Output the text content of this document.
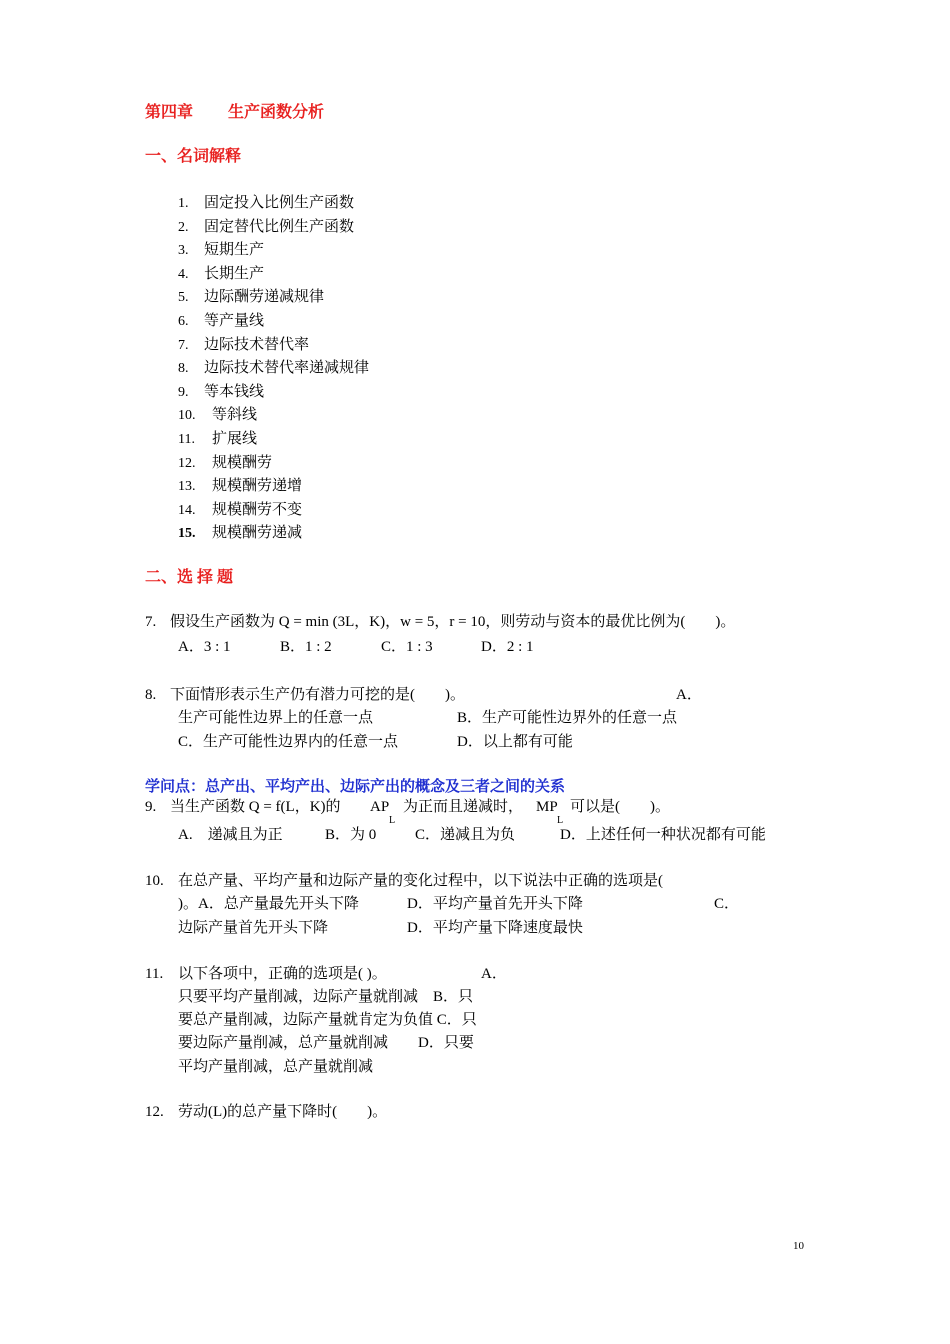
第四章 生产函数分析
一、名词解释
1. 固定投入比例生产函数
2. 固定替代比例生产函数
3. 短期生产
4. 长期生产
5. 边际酬劳递减规律
6. 等产量线
7. 边际技术替代率
8. 边际技术替代率递减规律
9. 等本钱线
10. 等斜线
11. 扩展线
12. 规模酬劳
13. 规模酬劳递增
14. 规模酬劳不变
15. 规模酬劳递减
二、选 择 题
7. 假设生产函数为 Q = min (3L，K)，w = 5，r = 10，则劳动与资本的最优比例为(　　)。
A．3 : 1	B．1 : 2	C．1 : 3	D．2 : 1
8. 下面情形表示生产仍有潜力可挖的是(　　)。	A．
生产可能性边界上的任意一点	B．生产可能性边界外的任意一点
C．生产可能性边界内的任意一点	D．以上都有可能
学问点：总产出、平均产出、边际产出的概念及三者之间的关系
9. 当生产函数 Q = f(L，K)的 AP
L
为正而且递减时， MP
L
可以是(　　)。
A.　递减且为正	B．为 0	C．递减且为负	D．上述任何一种状况都有可能
10. 在总产量、平均产量和边际产量的变化过程中，以下说法中正确的选项是(
)。A．总产量最先开头下降	D．平均产量首先开头下降	C．
边际产量首先开头下降	D．平均产量下降速度最快
11. 以下各项中，正确的选项是( )。	A．
只要平均产量削减，边际产量就削减　B．只
要总产量削减，边际产量就肯定为负值 C．只
要边际产量削减，总产量就削减　　D．只要
平均产量削减，总产量就削减
12. 劳动(L)的总产量下降时(　　)。
10
